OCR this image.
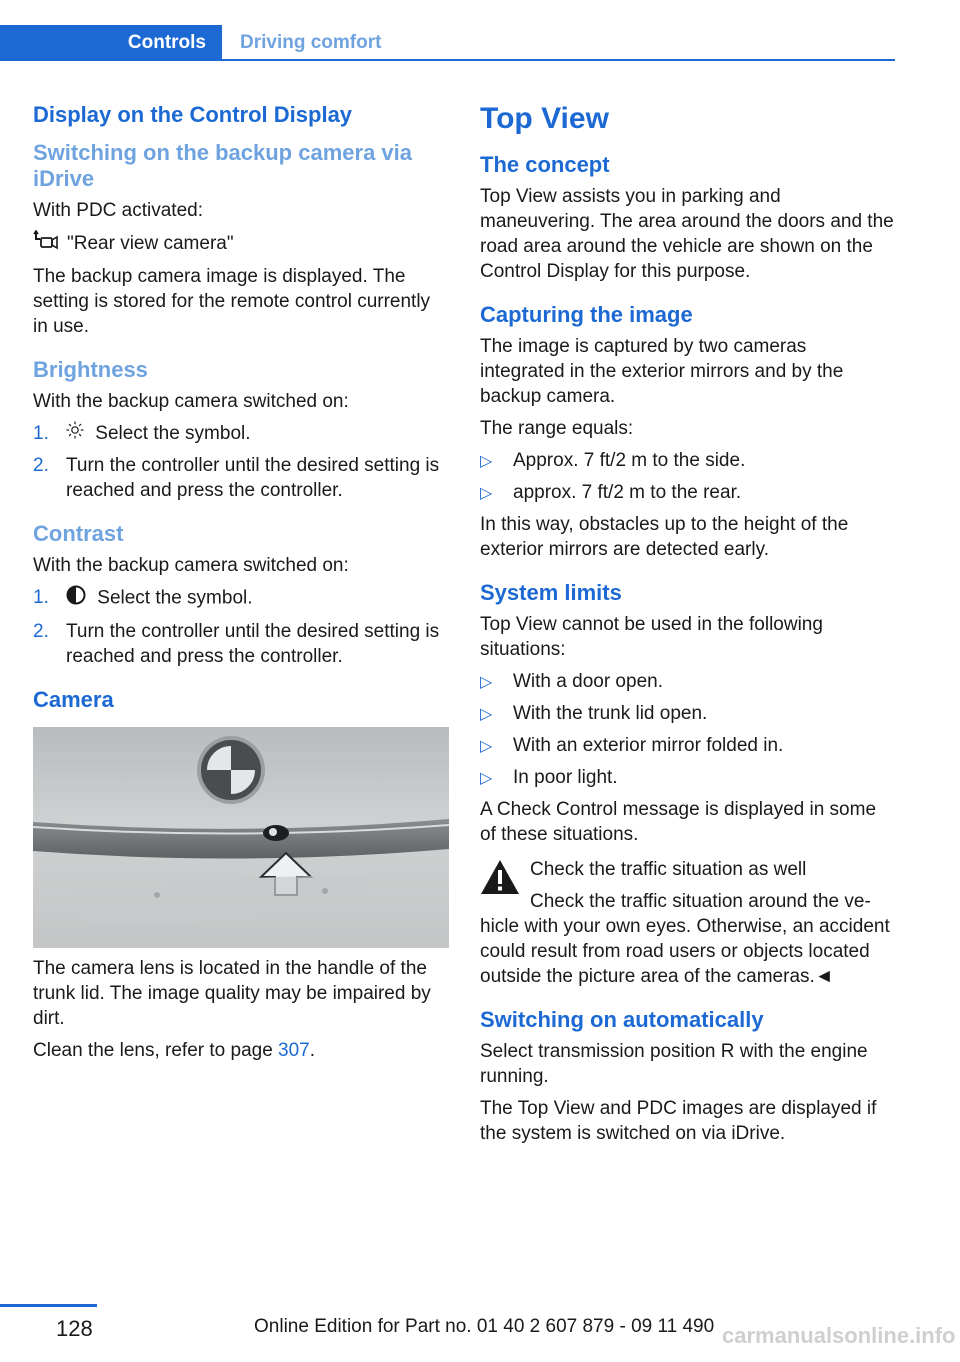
Controls	Driving comfort
Display on the Control Display
Switching on the backup camera via iDrive

With PDC activated:

"Rear view camera"

The backup camera image is displayed. The setting is stored for the remote control currently in use.

Brightness

With the backup camera switched on:

1. Select the symbol.
2. Turn the controller until the desired setting is reached and press the controller.
Contrast

With the backup camera switched on:

1.	Select the symbol.
2. Turn the controller until the desired setting is reached and press the controller.
Camera

The camera lens is located in the handle of the trunk lid. The image quality may be impaired by dirt.

Clean the lens, refer to page 307.

Top View
The concept

Top View assists you in parking and maneuvering. The area around the doors and the road area around the vehicle are shown on the Control Display for this purpose.

Capturing the image

The image is captured by two cameras integrated in the exterior mirrors and by the backup camera.

The range equals:

▷ Approx. 7 ft/2 m to the side.
▷ approx. 7 ft/2 m to the rear.

In this way, obstacles up to the height of the exterior mirrors are detected early.

System limits

Top View cannot be used in the following situations:

▷ With a door open.
▷ With the trunk lid open.
▷ With an exterior mirror folded in.
▷ In poor light.

A Check Control message is displayed in some of these situations.

Check the traffic situation as well
Check the traffic situation around the ve-
hicle with your own eyes. Otherwise, an accident could result from road users or objects located outside the picture area of the cameras.◄
Switching on automatically

Select transmission position R with the engine running.

The Top View and PDC images are displayed if the system is switched on via iDrive.

128	Online Edition for Part no. 01 40 2 607 879 - 09 11 490 carmanualsonline.info
